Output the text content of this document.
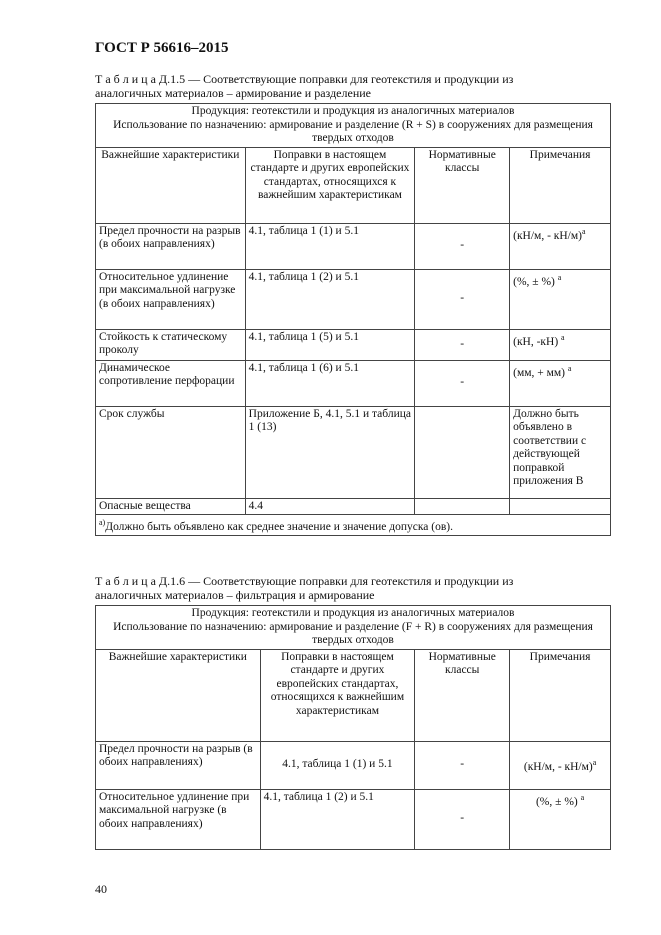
ГОСТ Р 56616–2015
Т а б л и ц а Д.1.5 — Соответствующие поправки для геотекстиля и продукции из
аналогичных материалов – армирование и разделение
Продукция: геотекстили и продукция из аналогичных материалов
Использование по назначению: армирование и разделение (R + S) в сооружениях для размещения твердых отходов			

Важнейшие характеристики	Поправки в настоящем стандарте и других европейских стандартах, относящихся к важнейшим характеристикам	Нормативные классы	Примечания
Предел прочности на разрыв (в обоих направлениях)	4.1, таблица 1 (1) и 5.1	-	(кН/м, - кН/м)$^а$
Относительное удлинение при максимальной нагрузке (в обоих направлениях)	4.1, таблица 1 (2) и 5.1	-	(%, ± %) $^а$
Стойкость к статическому проколу	4.1, таблица 1 (5) и 5.1	-	(кН, -кН) $^а$
Динамическое сопротивление перфорации	4.1, таблица 1 (6) и 5.1	-	(мм, + мм) $^а$
Срок службы	Приложение Б, 4.1, 5.1 и таблица 1 (13)		Должно быть объявлено в соответствии с действующей поправкой приложения В
Опасные вещества	4.4		
$^{а)}$Должно быть объявлено как среднее значение и значение допуска (ов).			
Т а б л и ц а Д.1.6 — Соответствующие поправки для геотекстиля и продукции из
аналогичных материалов – фильтрация и армирование
Продукция: геотекстили и продукция из аналогичных материалов
Использование по назначению: армирование и разделение (F + R) в сооружениях для размещения твердых отходов			

Важнейшие характеристики	Поправки в настоящем стандарте и других европейских стандартах, относящихся к важнейшим характеристикам	Нормативные классы	Примечания
Предел прочности на разрыв (в обоих направлениях)	4.1, таблица 1 (1) и 5.1	-	(кН/м, - кН/м)$^а$
Относительное удлинение при максимальной нагрузке (в обоих направлениях)	4.1, таблица 1 (2) и 5.1	-	(%, ± %) $^а$
40
